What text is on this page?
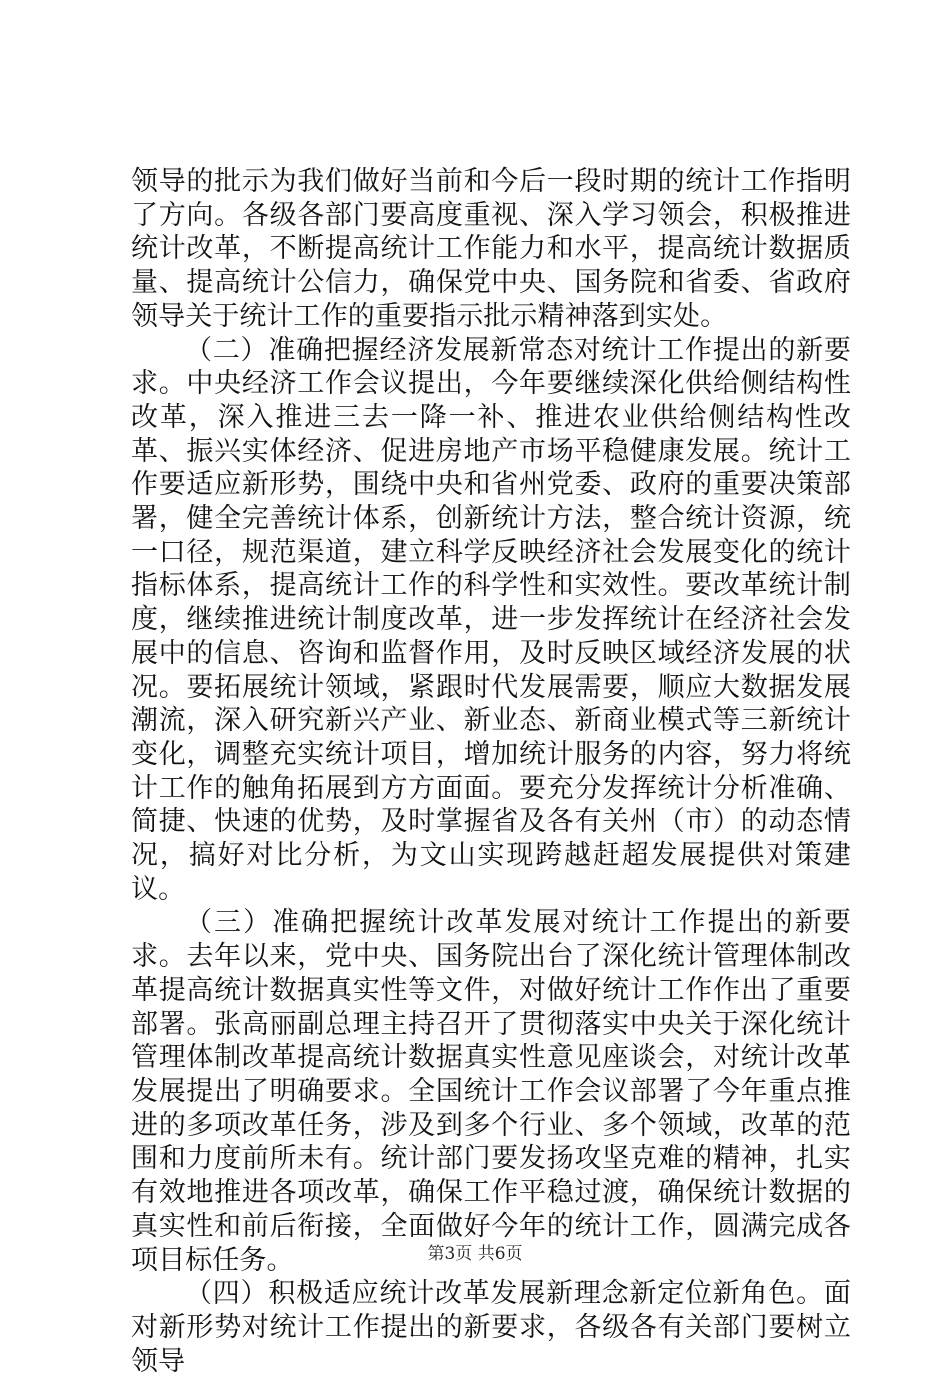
领导的批示为我们做好当前和今后一段时期的统计工作指明了方向。各级各部门要高度重视、深入学习领会，积极推进统计改革，不断提高统计工作能力和水平，提高统计数据质量、提高统计公信力，确保党中央、国务院和省委、省政府领导关于统计工作的重要指示批示精神落到实处。

（二）准确把握经济发展新常态对统计工作提出的新要求。中央经济工作会议提出，今年要继续深化供给侧结构性改革，深入推进三去一降一补、推进农业供给侧结构性改革、振兴实体经济、促进房地产市场平稳健康发展。统计工作要适应新形势，围绕中央和省州党委、政府的重要决策部署，健全完善统计体系，创新统计方法，整合统计资源，统一口径，规范渠道，建立科学反映经济社会发展变化的统计指标体系，提高统计工作的科学性和实效性。要改革统计制度，继续推进统计制度改革，进一步发挥统计在经济社会发展中的信息、咨询和监督作用，及时反映区域经济发展的状况。要拓展统计领域，紧跟时代发展需要，顺应大数据发展潮流，深入研究新兴产业、新业态、新商业模式等三新统计变化，调整充实统计项目，增加统计服务的内容，努力将统计工作的触角拓展到方方面面。要充分发挥统计分析准确、简捷、快速的优势，及时掌握省及各有关州（市）的动态情况，搞好对比分析，为文山实现跨越赶超发展提供对策建议。

（三）准确把握统计改革发展对统计工作提出的新要求。去年以来，党中央、国务院出台了深化统计管理体制改革提高统计数据真实性等文件，对做好统计工作作出了重要部署。张高丽副总理主持召开了贯彻落实中央关于深化统计管理体制改革提高统计数据真实性意见座谈会，对统计改革发展提出了明确要求。全国统计工作会议部署了今年重点推进的多项改革任务，涉及到多个行业、多个领域，改革的范围和力度前所未有。统计部门要发扬攻坚克难的精神，扎实有效地推进各项改革，确保工作平稳过渡，确保统计数据的真实性和前后衔接，全面做好今年的统计工作，圆满完成各项目标任务。

（四）积极适应统计改革发展新理念新定位新角色。面对新形势对统计工作提出的新要求，各级各有关部门要树立领导

第3页 共6页
